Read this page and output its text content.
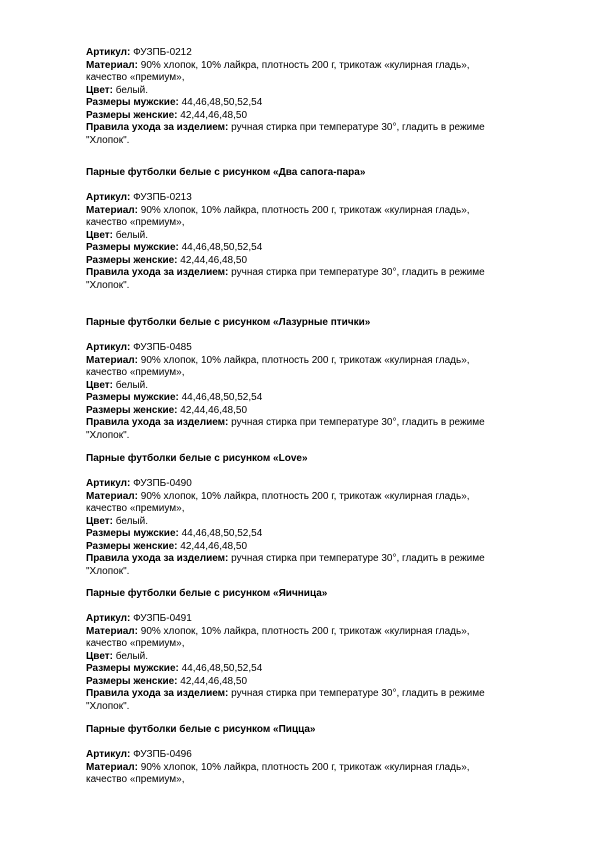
Артикул: ФУЗПБ-0212
Материал: 90% хлопок, 10% лайкра, плотность 200 г, трикотаж «кулирная гладь»,
качество «премиум»,
Цвет: белый.
Размеры мужские: 44,46,48,50,52,54
Размеры женские: 42,44,46,48,50
Правила ухода за изделием: ручная стирка при температуре 30°, гладить в режиме
"Хлопок".
Парные футболки белые с рисунком «Два сапога-пара»
Артикул: ФУЗПБ-0213
Материал: 90% хлопок, 10% лайкра, плотность 200 г, трикотаж «кулирная гладь»,
качество «премиум»,
Цвет: белый.
Размеры мужские: 44,46,48,50,52,54
Размеры женские: 42,44,46,48,50
Правила ухода за изделием: ручная стирка при температуре 30°, гладить в режиме
"Хлопок".
Парные футболки белые с рисунком «Лазурные птички»
Артикул: ФУЗПБ-0485
Материал: 90% хлопок, 10% лайкра, плотность 200 г, трикотаж «кулирная гладь»,
качество «премиум»,
Цвет: белый.
Размеры мужские: 44,46,48,50,52,54
Размеры женские: 42,44,46,48,50
Правила ухода за изделием: ручная стирка при температуре 30°, гладить в режиме
"Хлопок".
Парные футболки белые с рисунком «Love»
Артикул: ФУЗПБ-0490
Материал: 90% хлопок, 10% лайкра, плотность 200 г, трикотаж «кулирная гладь»,
качество «премиум»,
Цвет: белый.
Размеры мужские: 44,46,48,50,52,54
Размеры женские: 42,44,46,48,50
Правила ухода за изделием: ручная стирка при температуре 30°, гладить в режиме
"Хлопок".
Парные футболки белые с рисунком «Яичница»
Артикул: ФУЗПБ-0491
Материал: 90% хлопок, 10% лайкра, плотность 200 г, трикотаж «кулирная гладь»,
качество «премиум»,
Цвет: белый.
Размеры мужские: 44,46,48,50,52,54
Размеры женские: 42,44,46,48,50
Правила ухода за изделием: ручная стирка при температуре 30°, гладить в режиме
"Хлопок".
Парные футболки белые с рисунком «Пицца»
Артикул: ФУЗПБ-0496
Материал: 90% хлопок, 10% лайкра, плотность 200 г, трикотаж «кулирная гладь»,
качество «премиум»,
